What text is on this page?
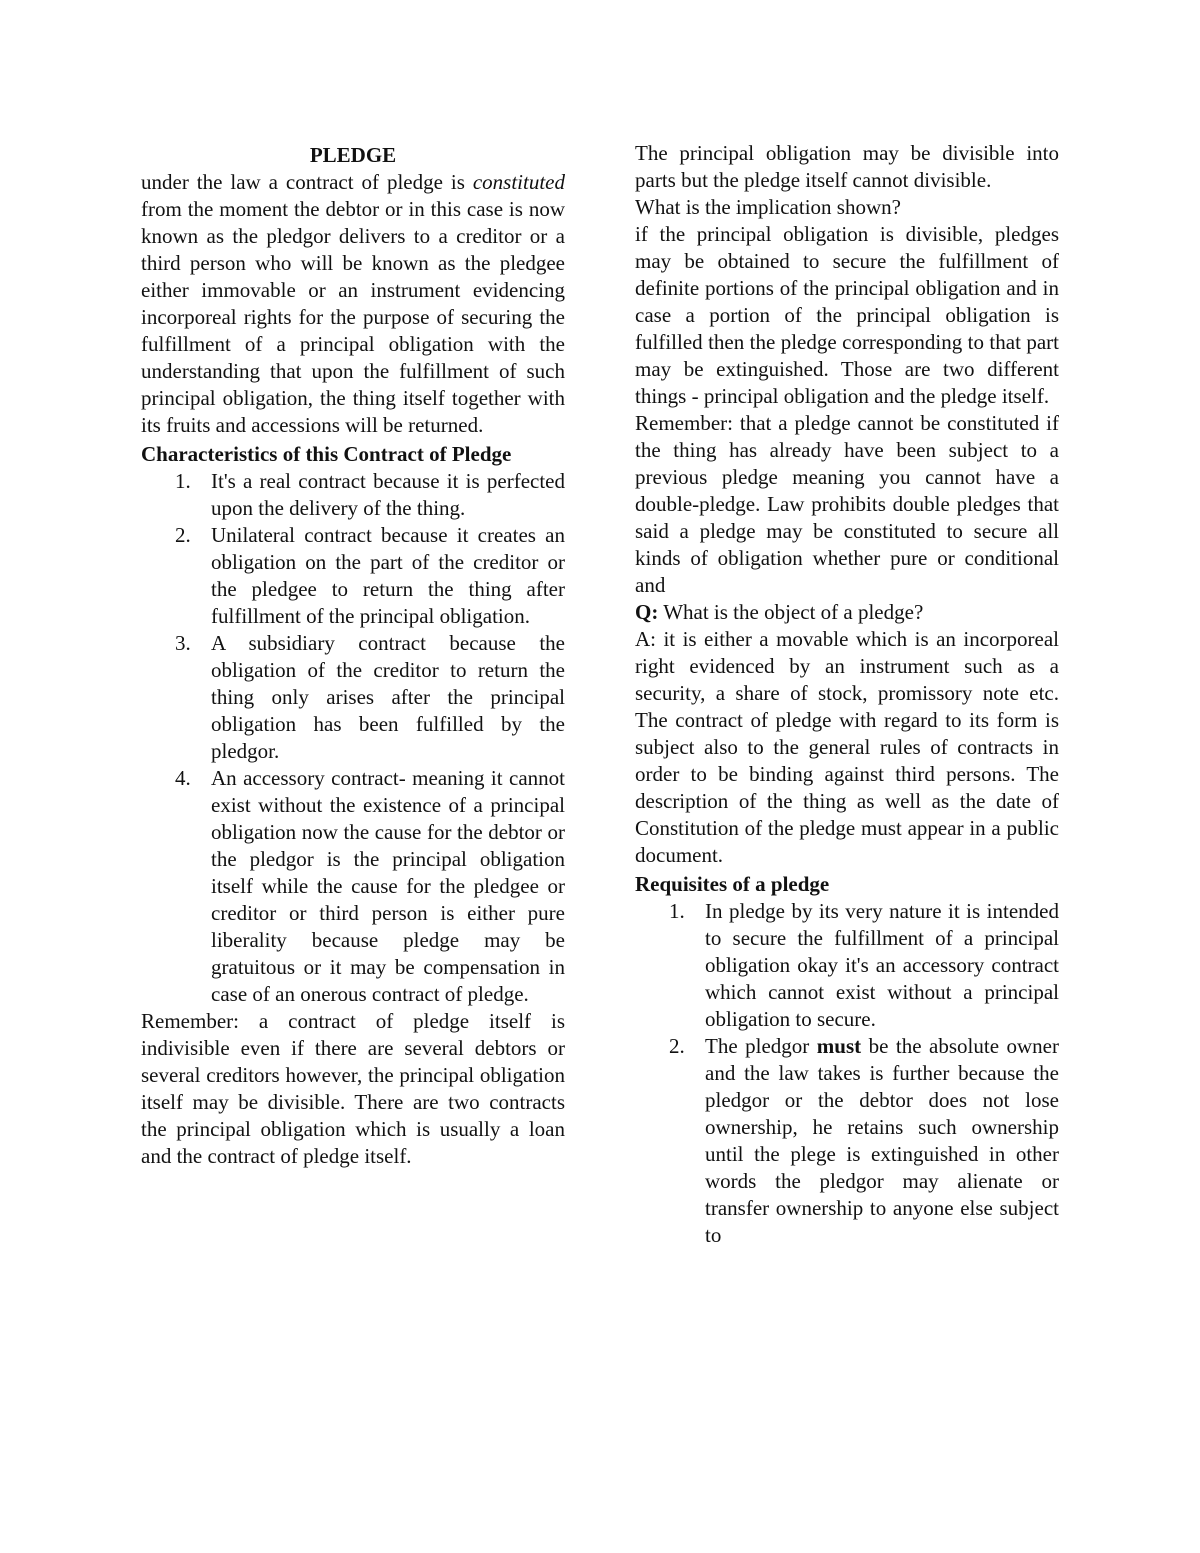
PLEDGE

under the law a contract of pledge is constituted from the moment the debtor or in this case is now known as the pledgor delivers to a creditor or a third person who will be known as the pledgee either immovable or an instrument evidencing incorporeal rights for the purpose of securing the fulfillment of a principal obligation with the understanding that upon the fulfillment of such principal obligation, the thing itself together with its fruits and accessions will be returned.

Characteristics of this Contract of Pledge

1. It's a real contract because it is perfected upon the delivery of the thing.
2. Unilateral contract because it creates an obligation on the part of the creditor or the pledgee to return the thing after fulfillment of the principal obligation.
3. A subsidiary contract because the obligation of the creditor to return the thing only arises after the principal obligation has been fulfilled by the pledgor.
4. An accessory contract- meaning it cannot exist without the existence of a principal obligation now the cause for the debtor or the pledgor is the principal obligation itself while the cause for the pledgee or creditor or third person is either pure liberality because pledge may be gratuitous or it may be compensation in case of an onerous contract of pledge.

Remember: a contract of pledge itself is indivisible even if there are several debtors or several creditors however, the principal obligation itself may be divisible. There are two contracts the principal obligation which is usually a loan and the contract of pledge itself.

The principal obligation may be divisible into parts but the pledge itself cannot divisible.

What is the implication shown?

if the principal obligation is divisible, pledges may be obtained to secure the fulfillment of definite portions of the principal obligation and in case a portion of the principal obligation is fulfilled then the pledge corresponding to that part may be extinguished. Those are two different things - principal obligation and the pledge itself.

Remember: that a pledge cannot be constituted if the thing has already have been subject to a previous pledge meaning you cannot have a double-pledge. Law prohibits double pledges that said a pledge may be constituted to secure all kinds of obligation whether pure or conditional and

Q: What is the object of a pledge?

A: it is either a movable which is an incorporeal right evidenced by an instrument such as a security, a share of stock, promissory note etc. The contract of pledge with regard to its form is subject also to the general rules of contracts in order to be binding against third persons. The description of the thing as well as the date of Constitution of the pledge must appear in a public document.

Requisites of a pledge

1. In pledge by its very nature it is intended to secure the fulfillment of a principal obligation okay it's an accessory contract which cannot exist without a principal obligation to secure.
2. The pledgor must be the absolute owner and the law takes is further because the pledgor or the debtor does not lose ownership, he retains such ownership until the plege is extinguished in other words the pledgor may alienate or transfer ownership to anyone else subject to
